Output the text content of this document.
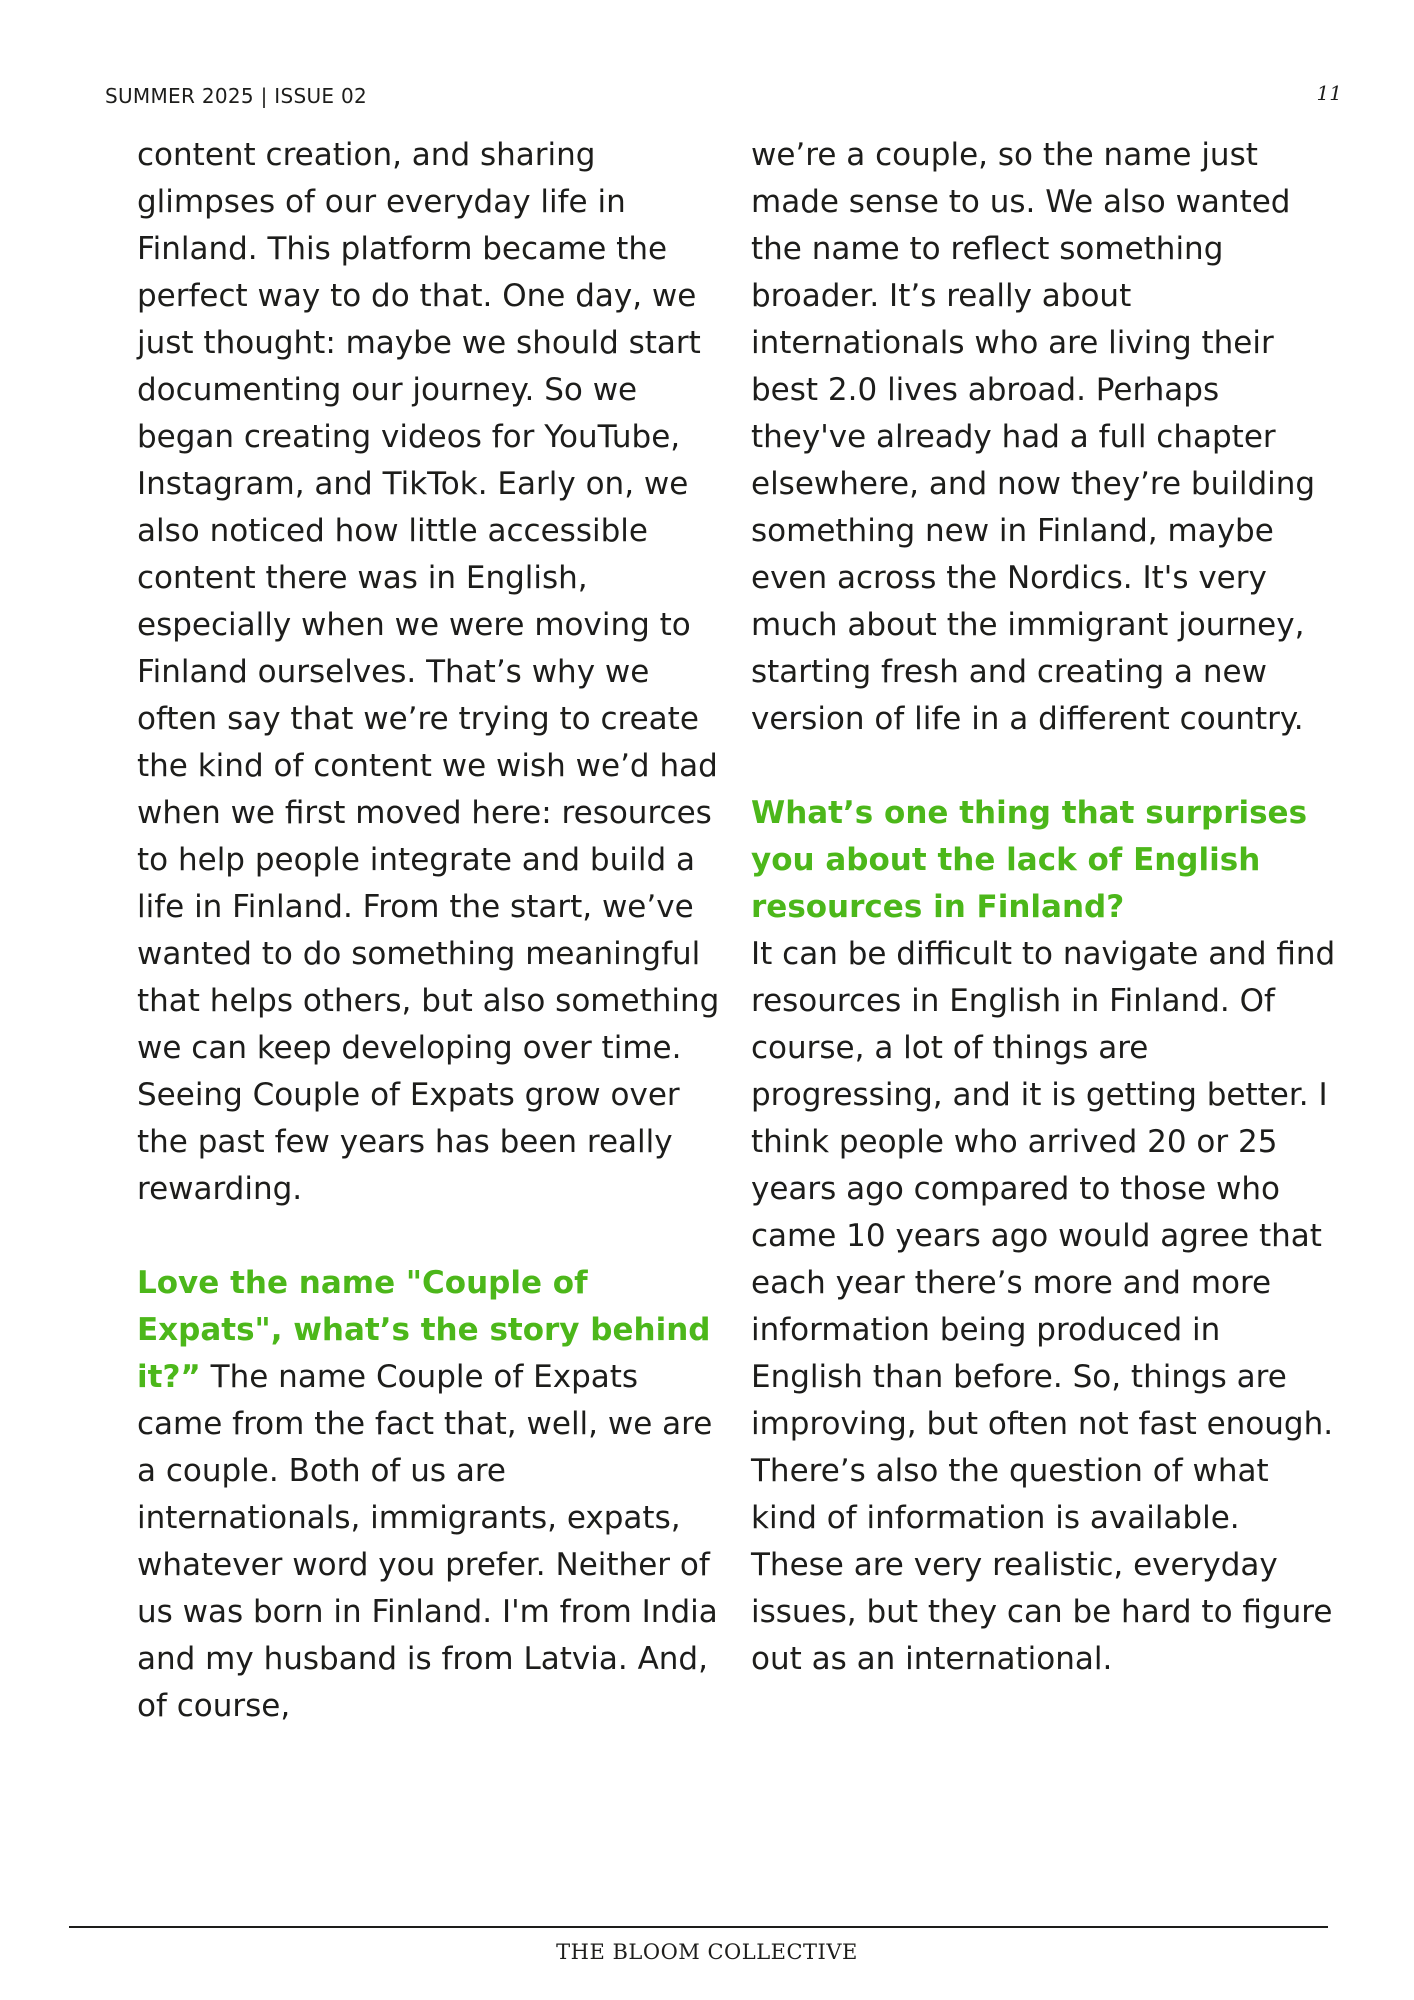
SUMMER 2025 | ISSUE 02	11

content creation, and sharing glimpses of our everyday life in Finland. This platform became the perfect way to do that. One day, we just thought: maybe we should start documenting our journey. So we began creating videos for YouTube, Instagram, and TikTok. Early on, we also noticed how little accessible content there was in English, especially when we were moving to Finland ourselves. That’s why we often say that we’re trying to create the kind of content we wish we’d had when we first moved here: resources to help people integrate and build a life in Finland. From the start, we’ve wanted to do something meaningful that helps others, but also something we can keep developing over time. Seeing Couple of Expats grow over the past few years has been really rewarding.

Love the name "Couple of Expats", what’s the story behind it?” The name Couple of Expats came from the fact that, well, we are a couple. Both of us are internationals, immigrants, expats, whatever word you prefer. Neither of us was born in Finland. I'm from India and my husband is from Latvia. And, of course,

we’re a couple, so the name just made sense to us. We also wanted the name to reflect something broader. It’s really about internationals who are living their best 2.0 lives abroad. Perhaps they've already had a full chapter elsewhere, and now they’re building something new in Finland, maybe even across the Nordics. It's very much about the immigrant journey, starting fresh and creating a new version of life in a different country.

What’s one thing that surprises you about the lack of English resources in Finland?
It can be difficult to navigate and find resources in English in Finland. Of course, a lot of things are progressing, and it is getting better. I think people who arrived 20 or 25 years ago compared to those who came 10 years ago would agree that each year there’s more and more information being produced in English than before. So, things are improving, but often not fast enough. There’s also the question of what kind of information is available. These are very realistic, everyday issues, but they can be hard to figure out as an international.

THE BLOOM COLLECTIVE
